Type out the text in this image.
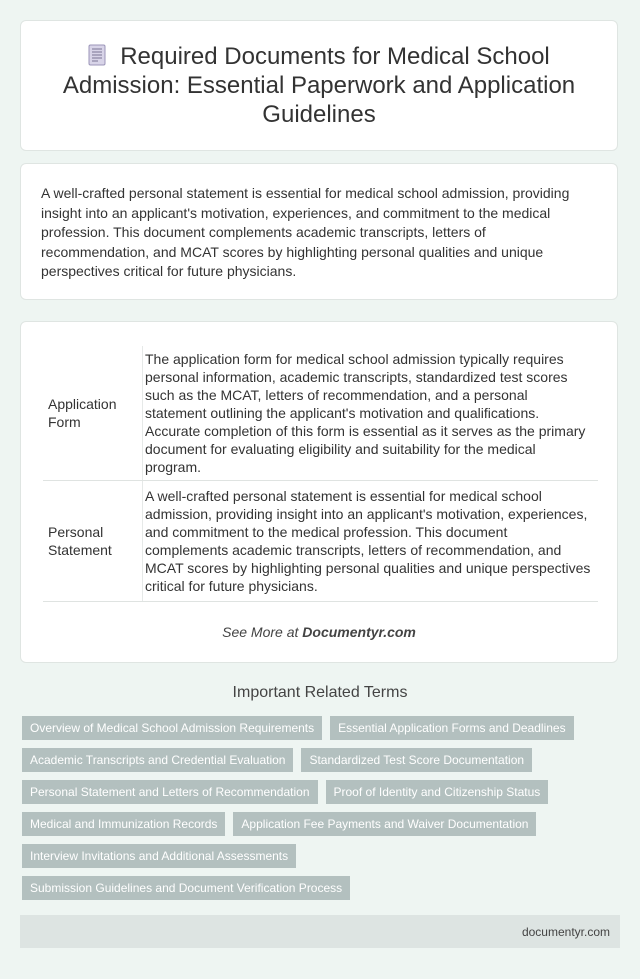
Required Documents for Medical School Admission: Essential Paperwork and Application Guidelines

A well-crafted personal statement is essential for medical school admission, providing insight into an applicant's motivation, experiences, and commitment to the medical profession. This document complements academic transcripts, letters of recommendation, and MCAT scores by highlighting personal qualities and unique perspectives critical for future physicians.

Application Form	The application form for medical school admission typically requires personal information, academic transcripts, standardized test scores such as the MCAT, letters of recommendation, and a personal statement outlining the applicant's motivation and qualifications. Accurate completion of this form is essential as it serves as the primary document for evaluating eligibility and suitability for the medical program.
Personal Statement	A well-crafted personal statement is essential for medical school admission, providing insight into an applicant's motivation, experiences, and commitment to the medical profession. This document complements academic transcripts, letters of recommendation, and MCAT scores by highlighting personal qualities and unique perspectives critical for future physicians.
See More at Documentyr.com
Important Related Terms
Overview of Medical School Admission Requirements	Essential Application Forms and Deadlines
Academic Transcripts and Credential Evaluation	Standardized Test Score Documentation
Personal Statement and Letters of Recommendation	Proof of Identity and Citizenship Status
Medical and Immunization Records	Application Fee Payments and Waiver Documentation
Interview Invitations and Additional Assessments
Submission Guidelines and Document Verification Process
documentyr.com
